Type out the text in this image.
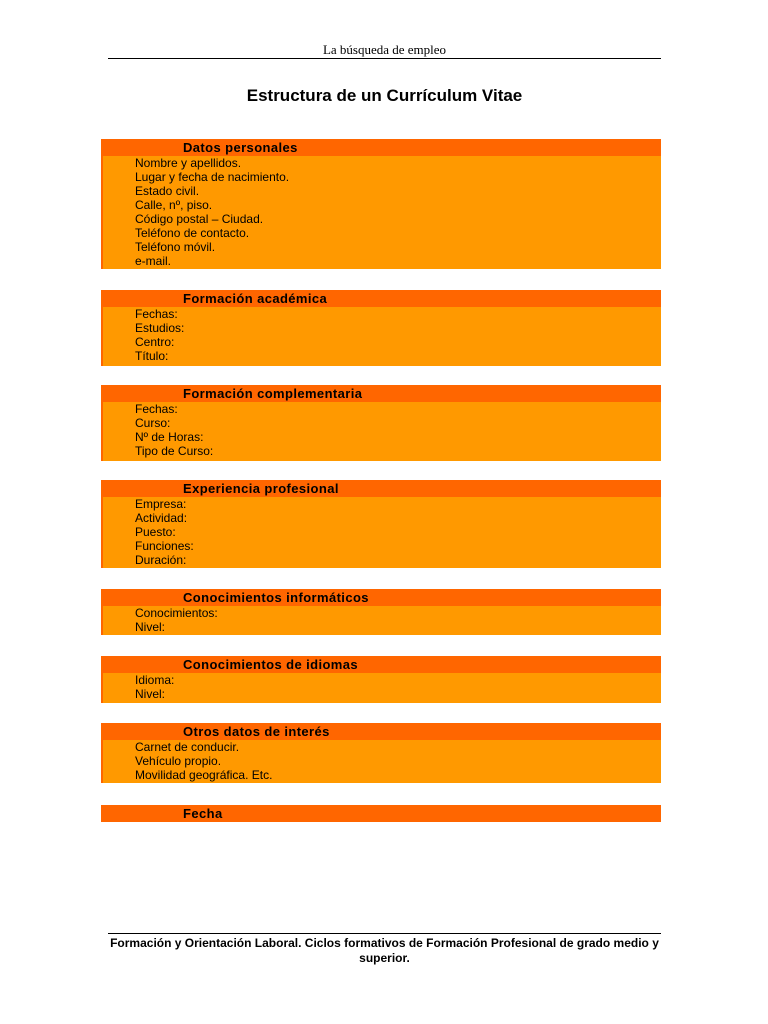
La búsqueda de empleo
Estructura de un Currículum Vitae
Datos personales
Nombre y apellidos.
Lugar y fecha de nacimiento.
Estado civil.
Calle, nº, piso.
Código postal – Ciudad.
Teléfono de contacto.
Teléfono móvil.
e-mail.
Formación académica
Fechas:
Estudios:
Centro:
Título:
Formación complementaria
Fechas:
Curso:
Nº de Horas:
Tipo de Curso:
Experiencia profesional
Empresa:
Actividad:
Puesto:
Funciones:
Duración:
Conocimientos informáticos
Conocimientos:
Nivel:
Conocimientos de idiomas
Idioma:
Nivel:
Otros datos de interés
Carnet de conducir.
Vehículo propio.
Movilidad geográfica. Etc.
Fecha
Formación y Orientación Laboral. Ciclos formativos de Formación Profesional de grado medio y superior.
